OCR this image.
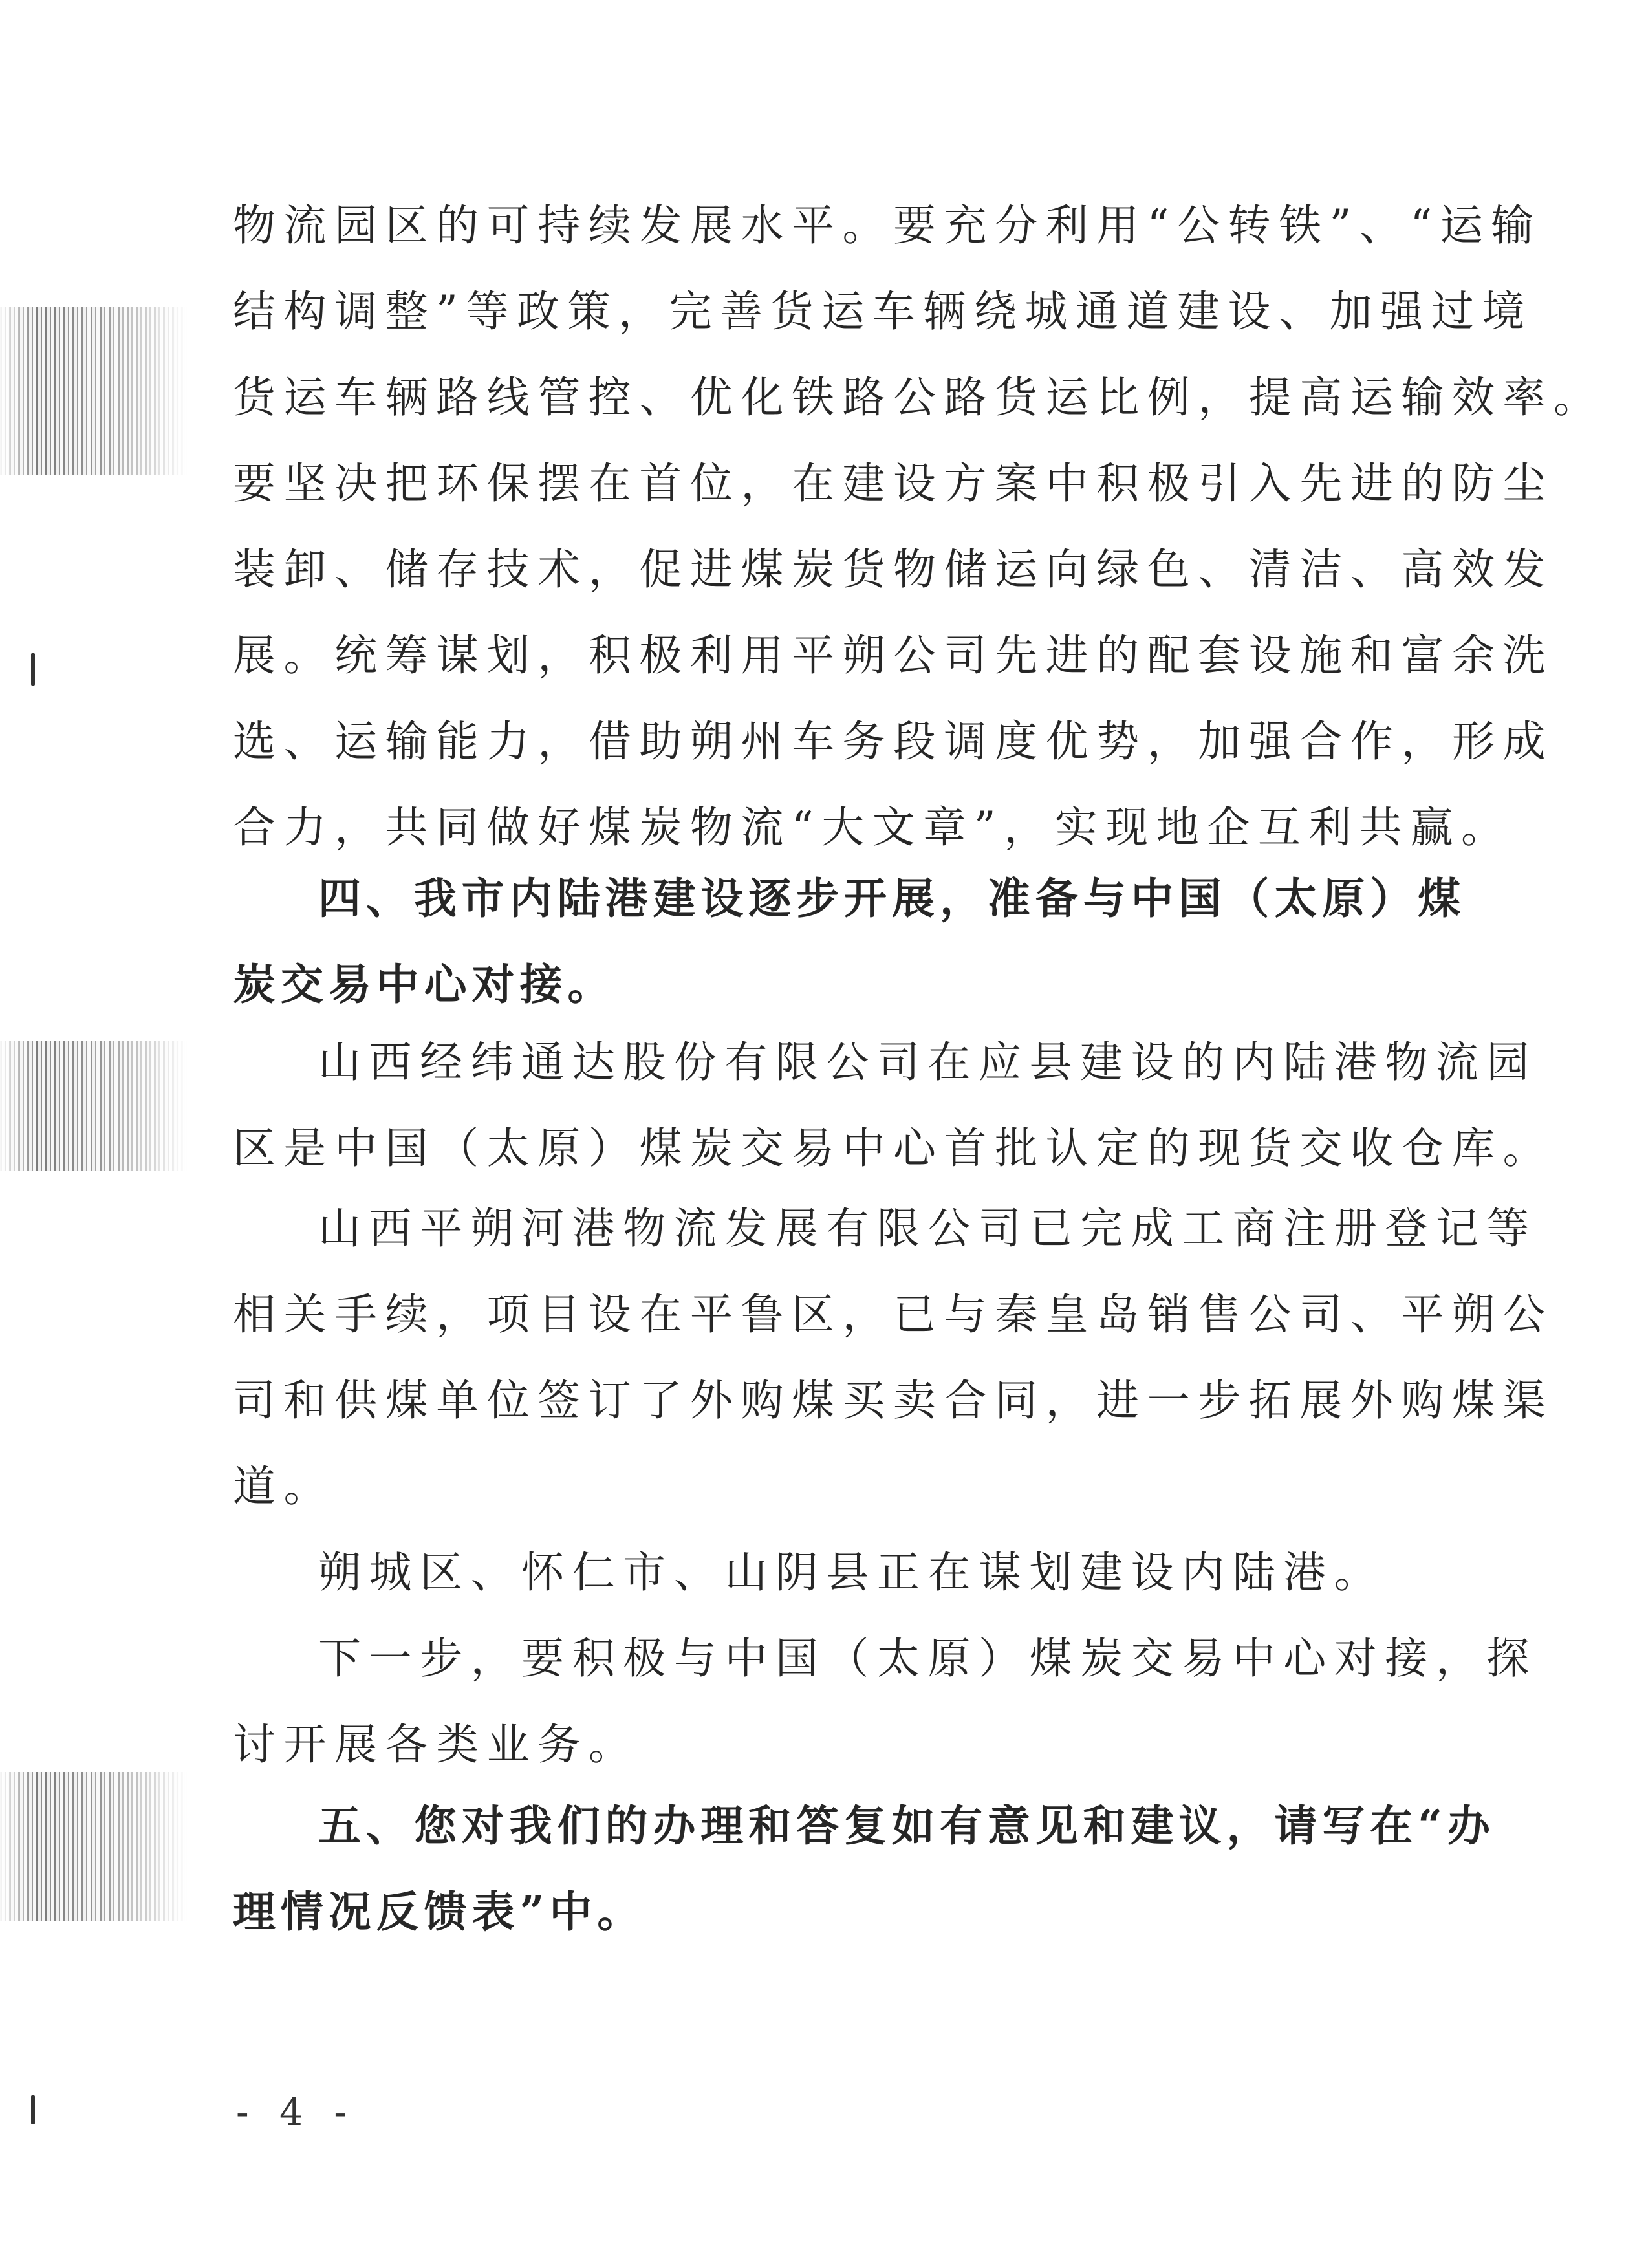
物流园区的可持续发展水平。要充分利用“公转铁”、“运输
结构调整”等政策，完善货运车辆绕城通道建设、加强过境
货运车辆路线管控、优化铁路公路货运比例，提高运输效率。
要坚决把环保摆在首位，在建设方案中积极引入先进的防尘
装卸、储存技术，促进煤炭货物储运向绿色、清洁、高效发
展。统筹谋划，积极利用平朔公司先进的配套设施和富余洗
选、运输能力，借助朔州车务段调度优势，加强合作，形成
合力，共同做好煤炭物流“大文章”，实现地企互利共赢。
四、我市内陆港建设逐步开展，准备与中国（太原）煤
炭交易中心对接。
山西经纬通达股份有限公司在应县建设的内陆港物流园
区是中国（太原）煤炭交易中心首批认定的现货交收仓库。
山西平朔河港物流发展有限公司已完成工商注册登记等
相关手续，项目设在平鲁区，已与秦皇岛销售公司、平朔公
司和供煤单位签订了外购煤买卖合同，进一步拓展外购煤渠
道。
朔城区、怀仁市、山阴县正在谋划建设内陆港。
下一步，要积极与中国（太原）煤炭交易中心对接，探
讨开展各类业务。
五、您对我们的办理和答复如有意见和建议，请写在“办
理情况反馈表”中。
- 4 -
